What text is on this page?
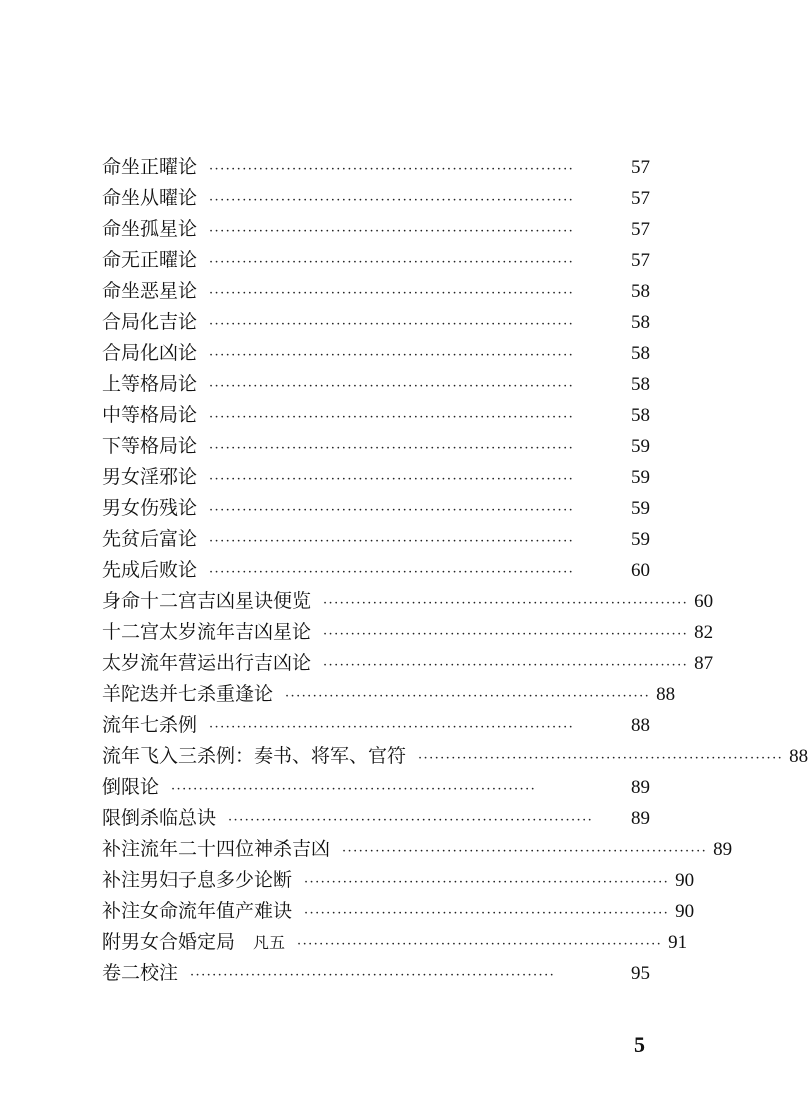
命坐正曜论 ··································································	57
命坐从曜论 ··································································	57
命坐孤星论 ··································································	57
命无正曜论 ··································································	57
命坐恶星论 ··································································	58
合局化吉论 ··································································	58
合局化凶论 ··································································	58
上等格局论 ··································································	58
中等格局论 ··································································	58
下等格局论 ··································································	59
男女淫邪论 ··································································	59
男女伤残论 ··································································	59
先贫后富论 ··································································	59
先成后败论 ··································································	60
身命十二宫吉凶星诀便览 ·································································· 60
十二宫太岁流年吉凶星论 ·································································· 82
太岁流年营运出行吉凶论 ·································································· 87
羊陀迭并七杀重逢论 ·································································· 88
流年七杀例 ··································································	88
流年飞入三杀例：奏书、将军、官符 ·································································· 88
倒限论 ··································································	89
限倒杀临总诀 ··································································	89
补注流年二十四位神杀吉凶 ·································································· 89
补注男妇子息多少论断 ·································································· 90
补注女命流年值产难诀 ·································································· 90
附男女合婚定局 凡五 ·································································· 91
卷二校注 ··································································	95
5
